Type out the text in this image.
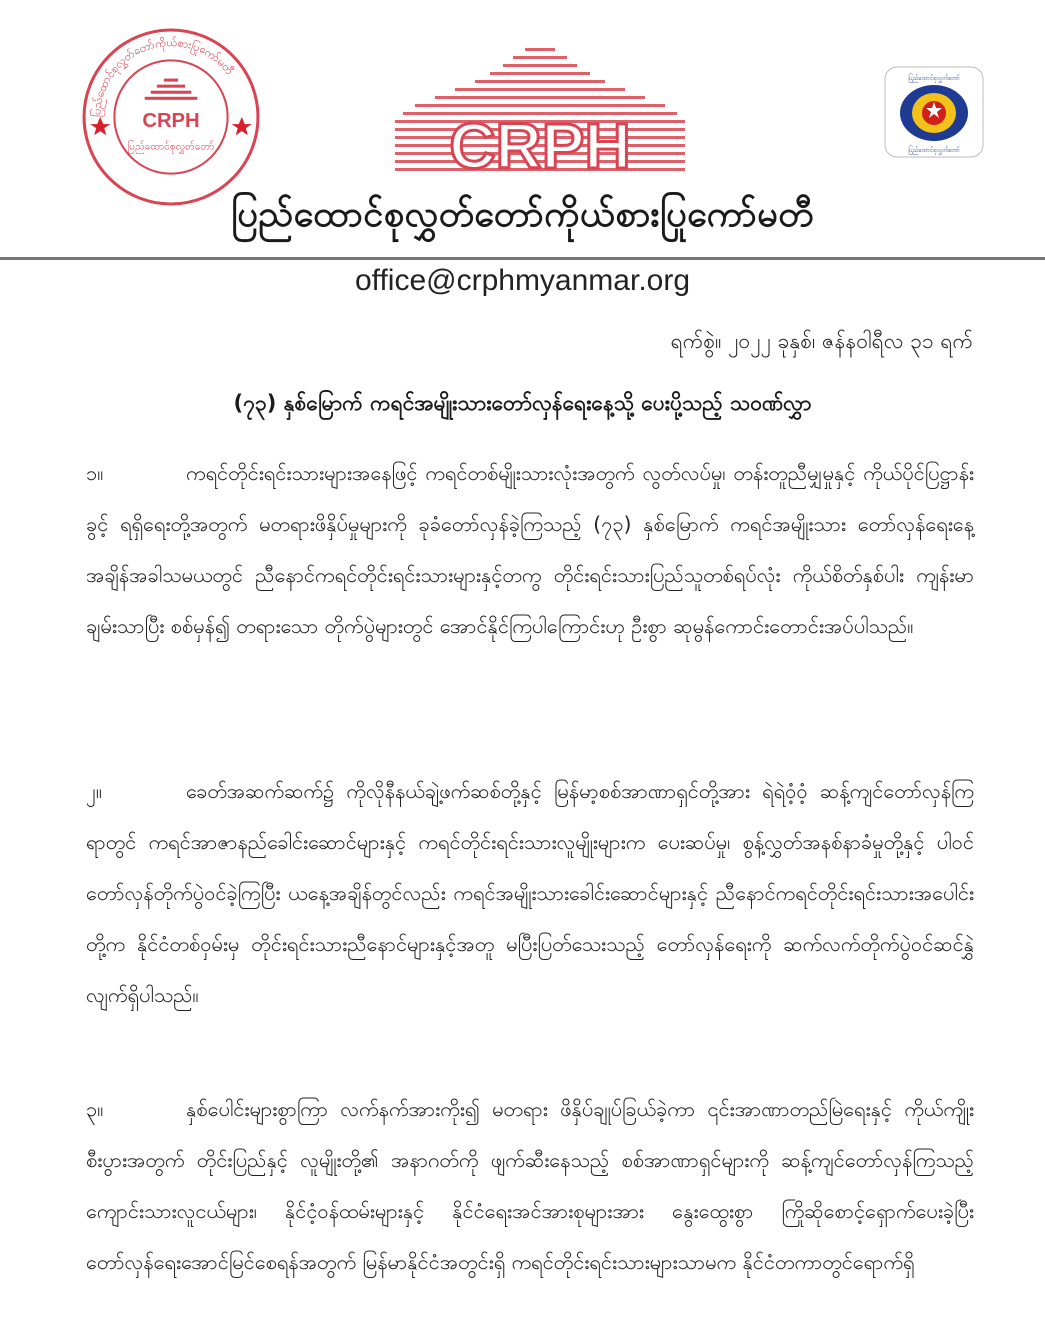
ပြည်ထောင်စုလွှတ်တော်ကိုယ်စားပြုကော်မတီ
ပြည်ထောင်စုလွှတ်တော်
CRPH	CRPH
ပြည်ထောင်စုလွှတ်တော်
ပြည်ထောင်စုလွှတ်တော်
ပြည်ထောင်စုလွှတ်တော်ကိုယ်စားပြုကော်မတီ
office@crphmyanmar.org
ရက်စွဲ။ ၂၀၂၂ ခုနှစ်၊ ဇန်နဝါရီလ ၃၁ ရက်
(၇၃) နှစ်မြောက် ကရင်အမျိုးသားတော်လှန်ရေးနေ့သို့ ပေးပို့သည့် သဝဏ်လွှာ
၁။	ကရင်တိုင်းရင်းသားများအနေဖြင့် ကရင်တစ်မျိုးသားလုံးအတွက် လွတ်လပ်မှု၊ တန်းတူညီမျှမှုနှင့် ကိုယ်ပိုင်ပြဋ္ဌာန်းခွင့် ရရှိရေးတို့အတွက် မတရားဖိနှိပ်မှုများကို ခုခံတော်လှန်ခဲ့ကြသည့် (၇၃) နှစ်မြောက် ကရင်အမျိုးသား တော်လှန်ရေးနေ့ အချိန်အခါသမယတွင် ညီနောင်ကရင်တိုင်းရင်းသားများနှင့်တကွ တိုင်းရင်းသားပြည်သူတစ်ရပ်လုံး ကိုယ်စိတ်နှစ်ပါး ကျန်းမာချမ်းသာပြီး စစ်မှန်၍ တရားသော တိုက်ပွဲများတွင် အောင်နိုင်ကြပါကြောင်းဟု ဦးစွာ ဆုမွန်ကောင်းတောင်းအပ်ပါသည်။
၂။	ခေတ်အဆက်ဆက်၌ ကိုလိုနီနယ်ချဲ့ဖက်ဆစ်တို့နှင့် မြန်မာ့စစ်အာဏာရှင်တို့အား ရဲရဲဝံ့ဝံ့ ဆန့်ကျင်တော်လှန်ကြရာတွင် ကရင်အာဇာနည်ခေါင်းဆောင်များနှင့် ကရင်တိုင်းရင်းသားလူမျိုးများက ပေးဆပ်မှု၊ စွန့်လွှတ်အနစ်နာခံမှုတို့နှင့် ပါဝင်တော်လှန်တိုက်ပွဲဝင်ခဲ့ကြပြီး ယနေ့အချိန်တွင်လည်း ကရင်အမျိုးသားခေါင်းဆောင်များနှင့် ညီနောင်ကရင်တိုင်းရင်းသားအပေါင်းတို့က နိုင်ငံတစ်ဝှမ်းမှ တိုင်းရင်းသားညီနောင်များနှင့်အတူ မပြီးပြတ်သေးသည့် တော်လှန်ရေးကို ဆက်လက်တိုက်ပွဲဝင်ဆင်နွှဲလျက်ရှိပါသည်။
၃။	နှစ်ပေါင်းများစွာကြာ လက်နက်အားကိုး၍ မတရား ဖိနှိပ်ချုပ်ခြယ်ခဲ့ကာ ၎င်းအာဏာတည်မြဲရေးနှင့် ကိုယ်ကျိုးစီးပွားအတွက် တိုင်းပြည်နှင့် လူမျိုးတို့၏ အနာဂတ်ကို ဖျက်ဆီးနေသည့် စစ်အာဏာရှင်များကို ဆန့်ကျင်တော်လှန်ကြသည့် ကျောင်းသားလူငယ်များ၊ နိုင်ငံ့ဝန်ထမ်းများနှင့် နိုင်ငံရေးအင်အားစုများအား နွေးထွေးစွာ ကြိုဆိုစောင့်ရှောက်ပေးခဲ့ပြီး တော်လှန်ရေးအောင်မြင်စေရန်အတွက် မြန်မာနိုင်ငံအတွင်းရှိ ကရင်တိုင်းရင်းသားများသာမက နိုင်ငံတကာတွင်ရောက်ရှိ
